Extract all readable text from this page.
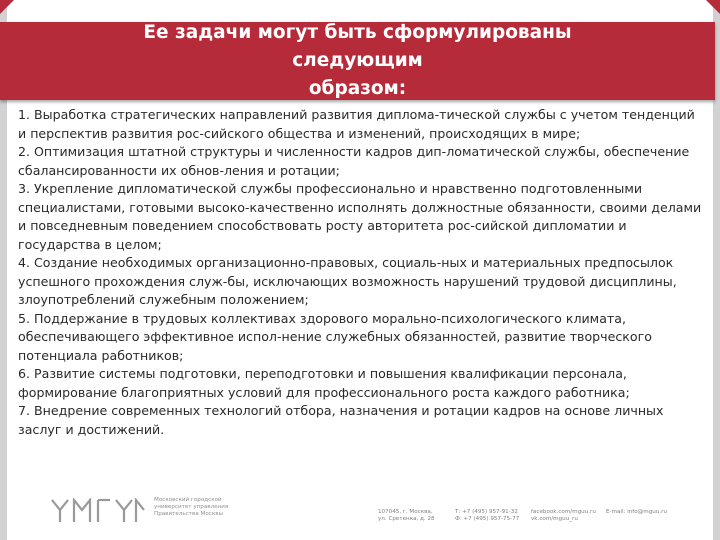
Ее задачи могут быть сформулированы следующим
образом:
1. Выработка стратегических направлений развития диплома-тической службы с учетом тенденций и перспектив развития рос-сийского общества и изменений, происходящих в мире;
2. Оптимизация штатной структуры и численности кадров дип-ломатической службы, обеспечение сбалансированности их обнов-ления и ротации;
3. Укрепление дипломатической службы профессионально и нравственно подготовленными специалистами, готовыми высоко-качественно исполнять должностные обязанности, своими делами и повседневным поведением способствовать росту авторитета рос-сийской дипломатии и государства в целом;
4. Создание необходимых организационно-правовых, социаль-ных и материальных предпосылок успешного прохождения служ-бы, исключающих возможность нарушений трудовой дисциплины, злоупотреблений служебным положением;
5. Поддержание в трудовых коллективах здорового морально-психологического климата, обеспечивающего эффективное испол-нение служебных обязанностей, развитие творческого потенциала работников;
6. Развитие системы подготовки, переподготовки и повышения квалификации персонала, формирование благоприятных условий для профессионального роста каждого работника;
7. Внедрение современных технологий отбора, назначения и ротации кадров на основе личных заслуг и достижений.
Московский городской
университет управления
Правительства Москвы	107045, г. Москва,
ул. Сретенка, д. 28
Т: +7 (495) 957-91-32
Ф: +7 (495) 957-75-77
facebook.com/mguu.ru
vk.com/mguu_ru
E-mail: info@mguu.ru
